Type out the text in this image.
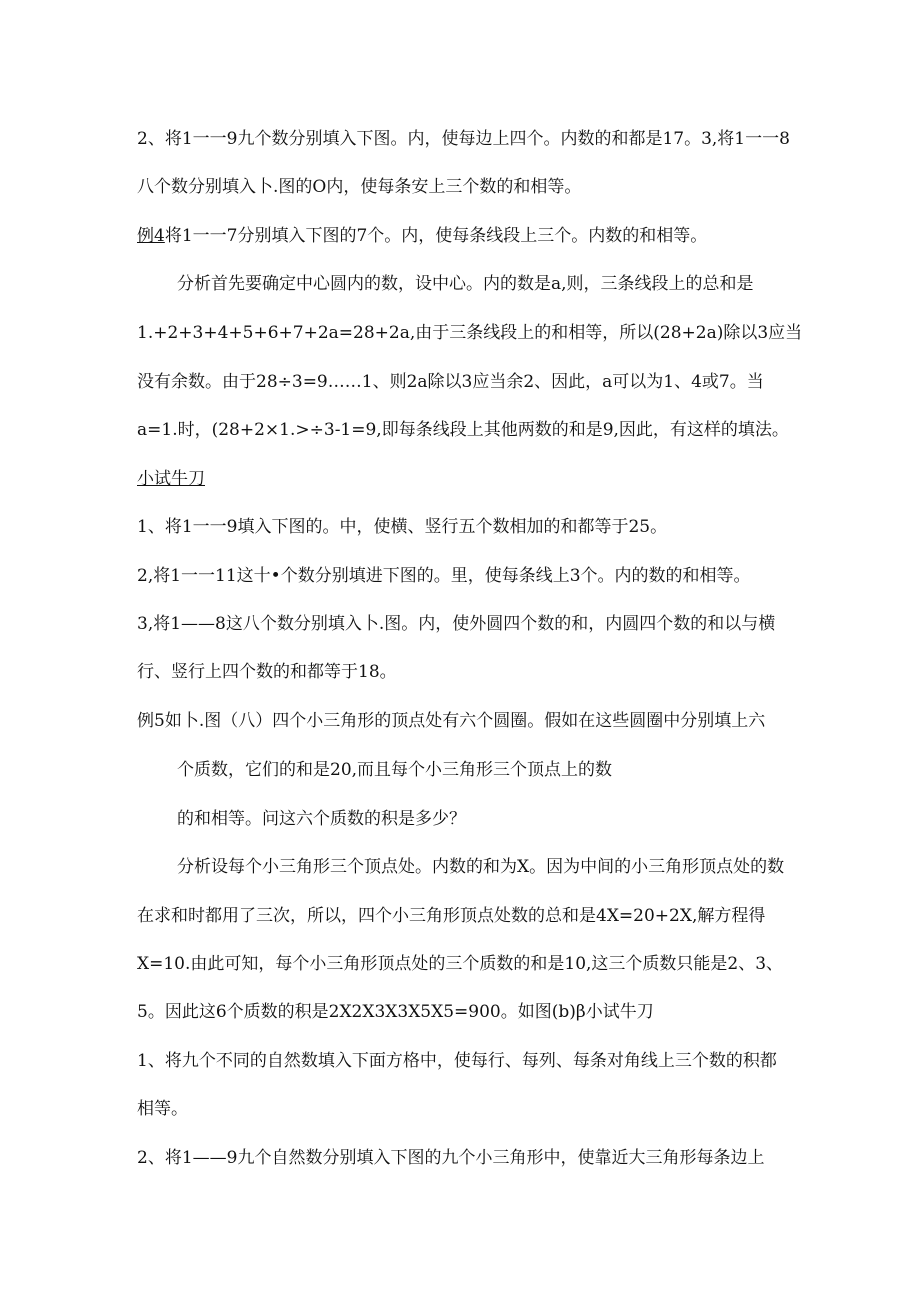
2、将1一一9九个数分别填入下图。内，使每边上四个。内数的和都是17。3,将1一一8

八个数分别填入卜.图的O内，使每条安上三个数的和相等。

例4将1一一7分别填入下图的7个。内，使每条线段上三个。内数的和相等。

分析首先要确定中心圆内的数，设中心。内的数是a,则，三条线段上的总和是

1.+2+3+4+5+6+7+2a=28+2a,由于三条线段上的和相等，所以(28+2a)除以3应当

没有余数。由于28÷3=9……1、则2a除以3应当余2、因此，a可以为1、4或7。当

a=1.时，(28+2×1.>÷3-1=9,即每条线段上其他两数的和是9,因此，有这样的填法。

小试牛刀

1、将1一一9填入下图的。中，使横、竖行五个数相加的和都等于25。

2,将1一一11这十•个数分别填进下图的。里，使每条线上3个。内的数的和相等。

3,将1——8这八个数分别填入卜.图。内，使外圆四个数的和，内圆四个数的和以与横

行、竖行上四个数的和都等于18。

例5如卜.图（八）四个小三角形的顶点处有六个圆圈。假如在这些圆圈中分别填上六

个质数，它们的和是20,而且每个小三角形三个顶点上的数

的和相等。问这六个质数的积是多少？

分析设每个小三角形三个顶点处。内数的和为X。因为中间的小三角形顶点处的数

在求和时都用了三次，所以，四个小三角形顶点处数的总和是4X=20+2X,解方程得

X=10.由此可知，每个小三角形顶点处的三个质数的和是10,这三个质数只能是2、3、

5。因此这6个质数的积是2X2X3X3X5X5=900。如图(b)β小试牛刀

1、将九个不同的自然数填入下面方格中，使每行、每列、每条对角线上三个数的积都

相等。

2、将1——9九个自然数分别填入下图的九个小三角形中，使靠近大三角形每条边上
